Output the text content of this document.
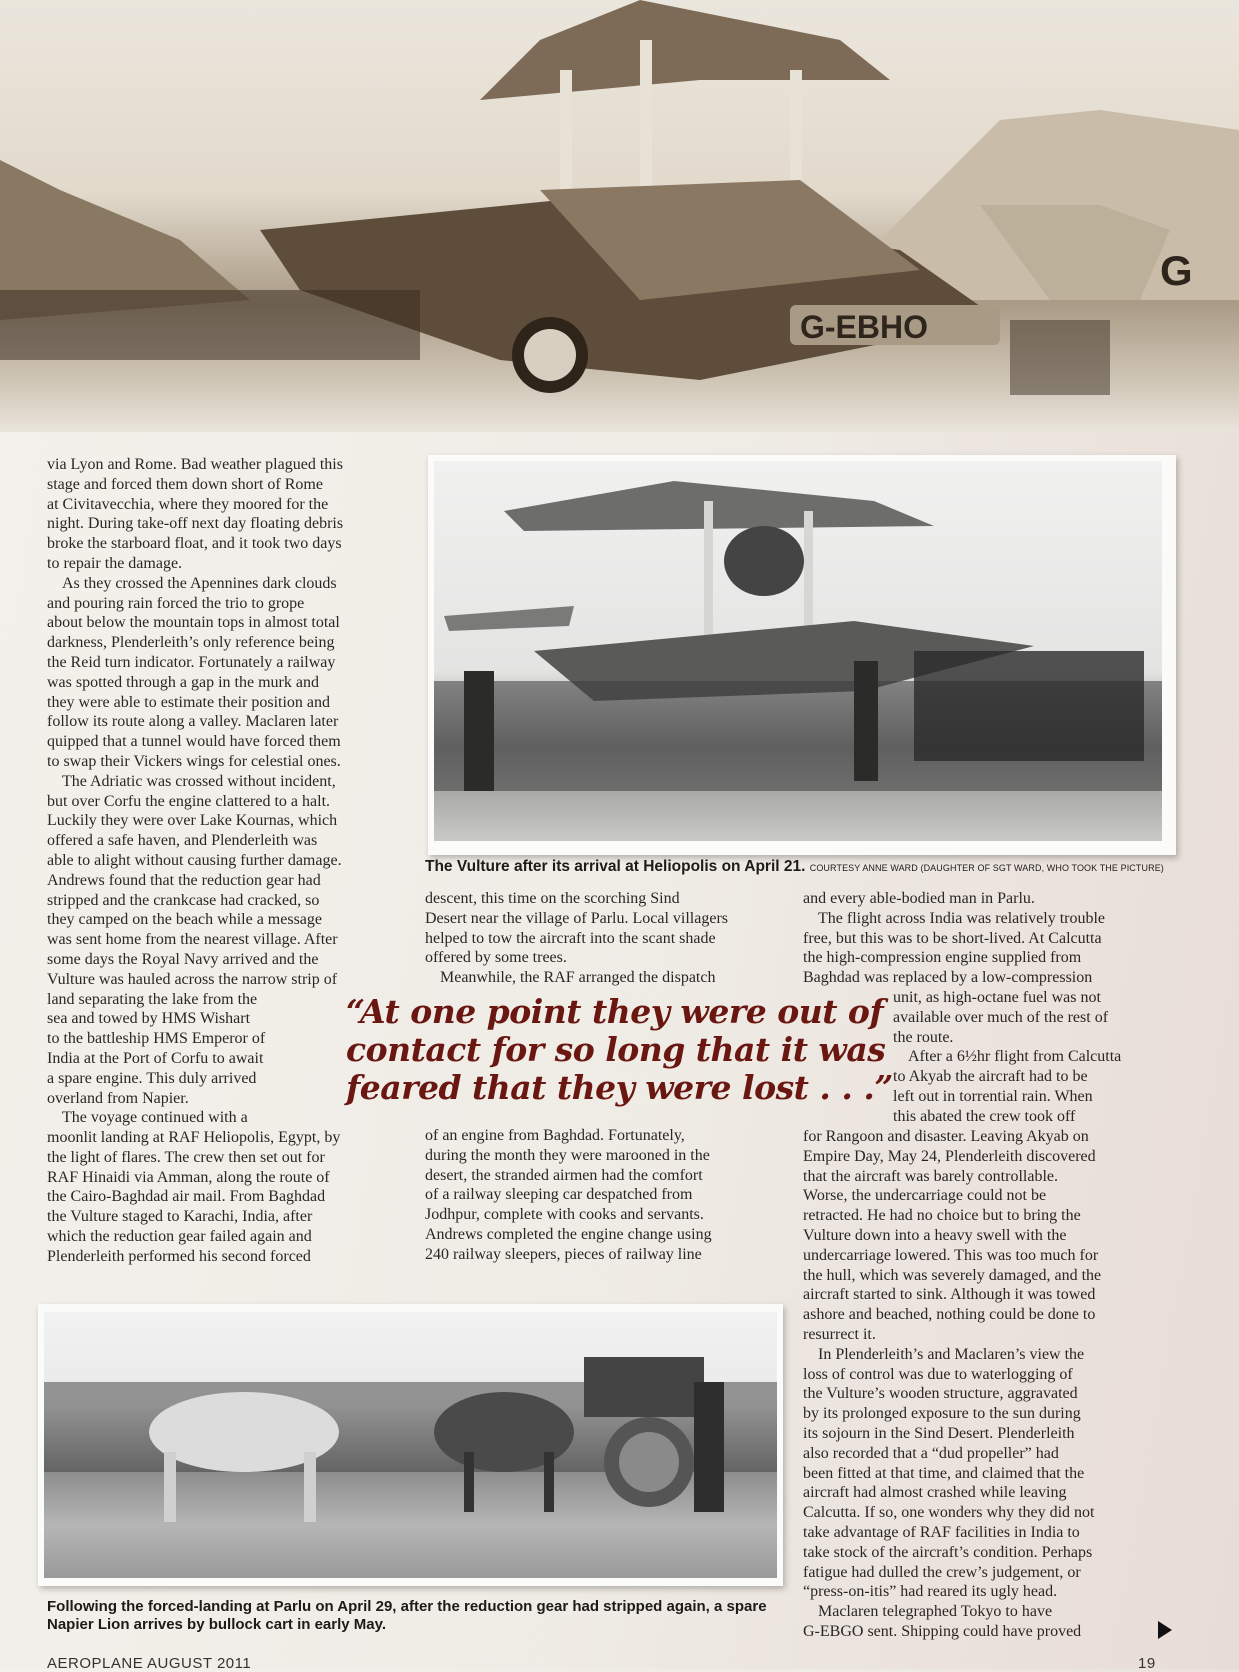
G-EBHO
G
via Lyon and Rome. Bad weather plagued this
stage and forced them down short of Rome
at Civitavecchia, where they moored for the
night. During take-off next day floating debris
broke the starboard float, and it took two days
to repair the damage.
As they crossed the Apennines dark clouds
and pouring rain forced the trio to grope
about below the mountain tops in almost total
darkness, Plenderleith’s only reference being
the Reid turn indicator. Fortunately a railway
was spotted through a gap in the murk and
they were able to estimate their position and
follow its route along a valley. Maclaren later
quipped that a tunnel would have forced them
to swap their Vickers wings for celestial ones.
The Adriatic was crossed without incident,
but over Corfu the engine clattered to a halt.
Luckily they were over Lake Kournas, which
offered a safe haven, and Plenderleith was
able to alight without causing further damage.
Andrews found that the reduction gear had
stripped and the crankcase had cracked, so
they camped on the beach while a message
was sent home from the nearest village. After
some days the Royal Navy arrived and the
Vulture was hauled across the narrow strip of
land separating the lake from the
sea and towed by HMS Wishart
to the battleship HMS Emperor of
India at the Port of Corfu to await
a spare engine. This duly arrived
overland from Napier.
The voyage continued with a
moonlit landing at RAF Heliopolis, Egypt, by
the light of flares. The crew then set out for
RAF Hinaidi via Amman, along the route of
the Cairo-Baghdad air mail. From Baghdad
the Vulture staged to Karachi, India, after
which the reduction gear failed again and
Plenderleith performed his second forced
The Vulture after its arrival at Heliopolis on April 21. COURTESY ANNE WARD (DAUGHTER OF SGT WARD, WHO TOOK THE PICTURE)
descent, this time on the scorching Sind
Desert near the village of Parlu. Local villagers
helped to tow the aircraft into the scant shade
offered by some trees.
Meanwhile, the RAF arranged the dispatch
of an engine from Baghdad. Fortunately,
during the month they were marooned in the
desert, the stranded airmen had the comfort
of a railway sleeping car despatched from
Jodhpur, complete with cooks and servants.
Andrews completed the engine change using
240 railway sleepers, pieces of railway line
“At one point they were out of
contact for so long that it was
feared that they were lost . . .”
and every able-bodied man in Parlu.
The flight across India was relatively trouble
free, but this was to be short-lived. At Calcutta
the high-compression engine supplied from
Baghdad was replaced by a low-compression
unit, as high-octane fuel was not
available over much of the rest of
the route.
After a 6½hr flight from Calcutta
to Akyab the aircraft had to be
left out in torrential rain. When
this abated the crew took off
for Rangoon and disaster. Leaving Akyab on
Empire Day, May 24, Plenderleith discovered
that the aircraft was barely controllable.
Worse, the undercarriage could not be
retracted. He had no choice but to bring the
Vulture down into a heavy swell with the
undercarriage lowered. This was too much for
the hull, which was severely damaged, and the
aircraft started to sink. Although it was towed
ashore and beached, nothing could be done to
resurrect it.
In Plenderleith’s and Maclaren’s view the
loss of control was due to waterlogging of
the Vulture’s wooden structure, aggravated
by its prolonged exposure to the sun during
its sojourn in the Sind Desert. Plenderleith
also recorded that a “dud propeller” had
been fitted at that time, and claimed that the
aircraft had almost crashed while leaving
Calcutta. If so, one wonders why they did not
take advantage of RAF facilities in India to
take stock of the aircraft’s condition. Perhaps
fatigue had dulled the crew’s judgement, or
“press-on-itis” had reared its ugly head.
Maclaren telegraphed Tokyo to have
G-EBGO sent. Shipping could have proved
Following the forced-landing at Parlu on April 29, after the reduction gear had stripped again, a spare Napier Lion arrives by bullock cart in early May.
AEROPLANE AUGUST 2011	19
